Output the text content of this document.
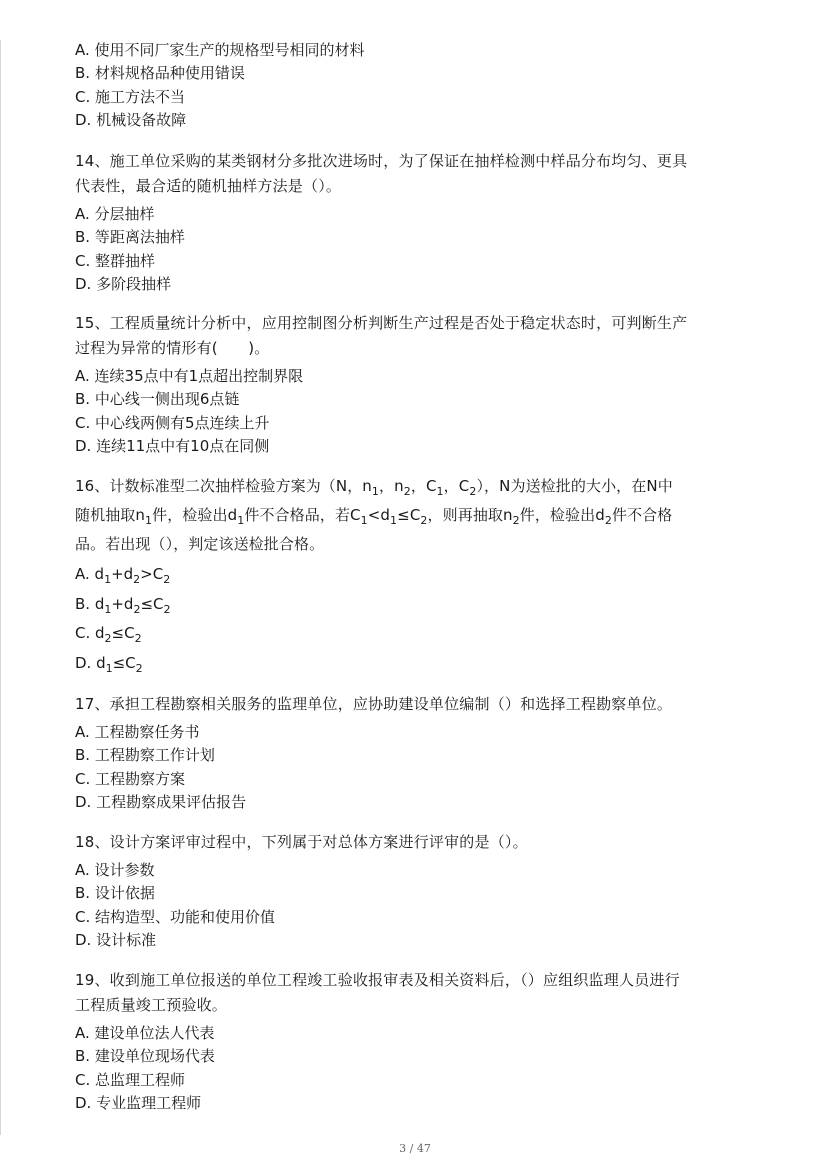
A. 使用不同厂家生产的规格型号相同的材料
B. 材料规格品种使用错误
C. 施工方法不当
D. 机械设备故障
14、施工单位采购的某类钢材分多批次进场时，为了保证在抽样检测中样品分布均匀、更具
代表性，最合适的随机抽样方法是（）。
A. 分层抽样
B. 等距离法抽样
C. 整群抽样
D. 多阶段抽样
15、工程质量统计分析中，应用控制图分析判断生产过程是否处于稳定状态时，可判断生产
过程为异常的情形有(　　)。
A. 连续35点中有1点超出控制界限
B. 中心线一侧出现6点链
C. 中心线两侧有5点连续上升
D. 连续11点中有10点在同侧
16、计数标准型二次抽样检验方案为（N，$n_1$，$n_2$，$C_1$，$C_2$），N为送检批的大小，在N中
随机抽取$n_1$件，检验出$d_1$件不合格品，若$C_1<d_1\le C_2$，则再抽取$n_2$件，检验出$d_2$件不合格
品。若出现（），判定该送检批合格。
A. $d_1+d_2>C_2$
B. $d_1+d_2\le C_2$
C. $d_2\le C_2$
D. $d_1\le C_2$
17、承担工程勘察相关服务的监理单位，应协助建设单位编制（）和选择工程勘察单位。
A. 工程勘察任务书
B. 工程勘察工作计划
C. 工程勘察方案
D. 工程勘察成果评估报告
18、设计方案评审过程中，下列属于对总体方案进行评审的是（）。
A. 设计参数
B. 设计依据
C. 结构造型、功能和使用价值
D. 设计标准
19、收到施工单位报送的单位工程竣工验收报审表及相关资料后，（）应组织监理人员进行
工程质量竣工预验收。
A. 建设单位法人代表
B. 建设单位现场代表
C. 总监理工程师
D. 专业监理工程师
3 / 47
